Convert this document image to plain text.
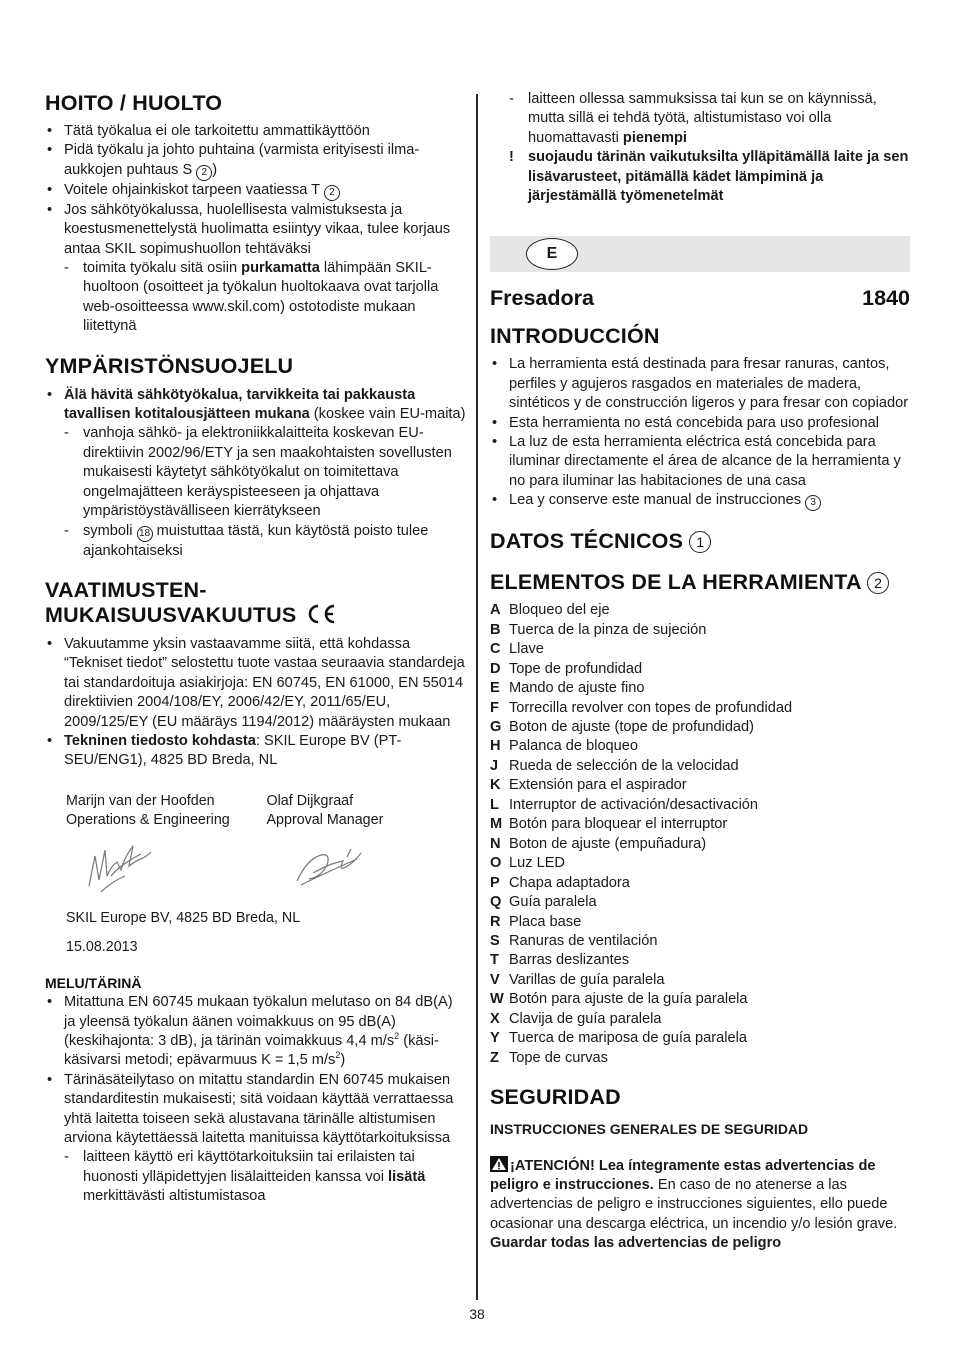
HOITO / HUOLTO
• Tätä työkalua ei ole tarkoitettu ammattikäyttöön
• Pidä työkalu ja johto puhtaina (varmista erityisesti ilma-aukkojen puhtaus S 2 )
• Voitele ohjainkiskot tarpeen vaatiessa T 2
• Jos sähkötyökalussa, huolellisesta valmistuksesta ja koestusmenettelystä huolimatta esiintyy vikaa, tulee korjaus antaa SKIL sopimushuollon tehtäväksi
- toimita työkalu sitä osiin purkamatta lähimpään SKIL-huoltoon (osoitteet ja työkalun huoltokaava ovat tarjolla web-osoitteessa www.skil.com) ostotodiste mukaan liitettynä
YMPÄRISTÖNSUOJELU
• Älä hävitä sähkötyökalua, tarvikkeita tai pakkausta tavallisen kotitalousjätteen mukana (koskee vain EU-maita)
- vanhoja sähkö- ja elektroniikkalaitteita koskevan EU-direktiivin 2002/96/ETY ja sen maakohtaisten sovellusten mukaisesti käytetyt sähkötyökalut on toimitettava ongelmajätteen keräyspisteeseen ja ohjattava ympäristöystävälliseen kierrätykseen
- symboli 18 muistuttaa tästä, kun käytöstä poisto tulee ajankohtaiseksi
VAATIMUSTEN-
MUKAISUUSVAKUUTUS
• Vakuutamme yksin vastaavamme siitä, että kohdassa “Tekniset tiedot” selostettu tuote vastaa seuraavia standardeja tai standardoituja asiakirjoja: EN 60745, EN 61000, EN 55014 direktiivien 2004/108/EY, 2006/42/EY, 2011/65/EU, 2009/125/EY (EU määräys 1194/2012) määräysten mukaan
• Tekninen tiedosto kohdasta: SKIL Europe BV (PT-SEU/ENG1), 4825 BD Breda, NL
Marijn van der Hoofden
Operations & Engineering
Olaf Dijkgraaf
Approval Manager
SKIL Europe BV, 4825 BD Breda, NL
15.08.2013
MELU/TÄRINÄ
• Mitattuna EN 60745 mukaan työkalun melutaso on 84 dB(A) ja yleensä työkalun äänen voimakkuus on 95 dB(A) (keskihajonta: 3 dB), ja tärinän voimakkuus 4,4 $m/s^2$ (käsi-käsivarsi metodi; epävarmuus K = 1,5 $m/s^2$)
• Tärinäsäteilytaso on mitattu standardin EN 60745 mukaisen standarditestin mukaisesti; sitä voidaan käyttää verrattaessa yhtä laitetta toiseen sekä alustavana tärinälle altistumisen arviona käytettäessä laitetta manituissa käyttötarkoituksissa
- laitteen käyttö eri käyttötarkoituksiin tai erilaisten tai huonosti ylläpidettyjen lisälaitteiden kanssa voi lisätä merkittävästi altistumistasoa
- laitteen ollessa sammuksissa tai kun se on käynnissä, mutta sillä ei tehdä työtä, altistumistaso voi olla huomattavasti pienempi
! suojaudu tärinän vaikutuksilta ylläpitämällä laite ja sen lisävarusteet, pitämällä kädet lämpiminä ja järjestämällä työmenetelmät
E
Fresadora	1840
INTRODUCCIÓN
• La herramienta está destinada para fresar ranuras, cantos, perfiles y agujeros rasgados en materiales de madera, sintéticos y de construcción ligeros y para fresar con copiador
• Esta herramienta no está concebida para uso profesional
• La luz de esta herramienta eléctrica está concebida para iluminar directamente el área de alcance de la herramienta y no para iluminar las habitaciones de una casa
• Lea y conserve este manual de instrucciones 3
DATOS TÉCNICOS 1
ELEMENTOS DE LA HERRAMIENTA 2
A Bloqueo del eje
B Tuerca de la pinza de sujeción
C Llave
D Tope de profundidad
E Mando de ajuste fino
F Torrecilla revolver con topes de profundidad
G Boton de ajuste (tope de profundidad)
H Palanca de bloqueo
J Rueda de selección de la velocidad
K Extensión para el aspirador
L Interruptor de activación/desactivación
M Botón para bloquear el interruptor
N Boton de ajuste (empuñadura)
O Luz LED
P Chapa adaptadora
Q Guía paralela
R Placa base
S Ranuras de ventilación
T Barras deslizantes
V Varillas de guía paralela
W Botón para ajuste de la guía paralela
X Clavija de guía paralela
Y Tuerca de mariposa de guía paralela
Z Tope de curvas
SEGURIDAD
INSTRUCCIONES GENERALES DE SEGURIDAD

¡ATENCIÓN! Lea íntegramente estas advertencias de peligro e instrucciones. En caso de no atenerse a las advertencias de peligro e instrucciones siguientes, ello puede ocasionar una descarga eléctrica, un incendio y/o lesión grave. Guardar todas las advertencias de peligro

38
